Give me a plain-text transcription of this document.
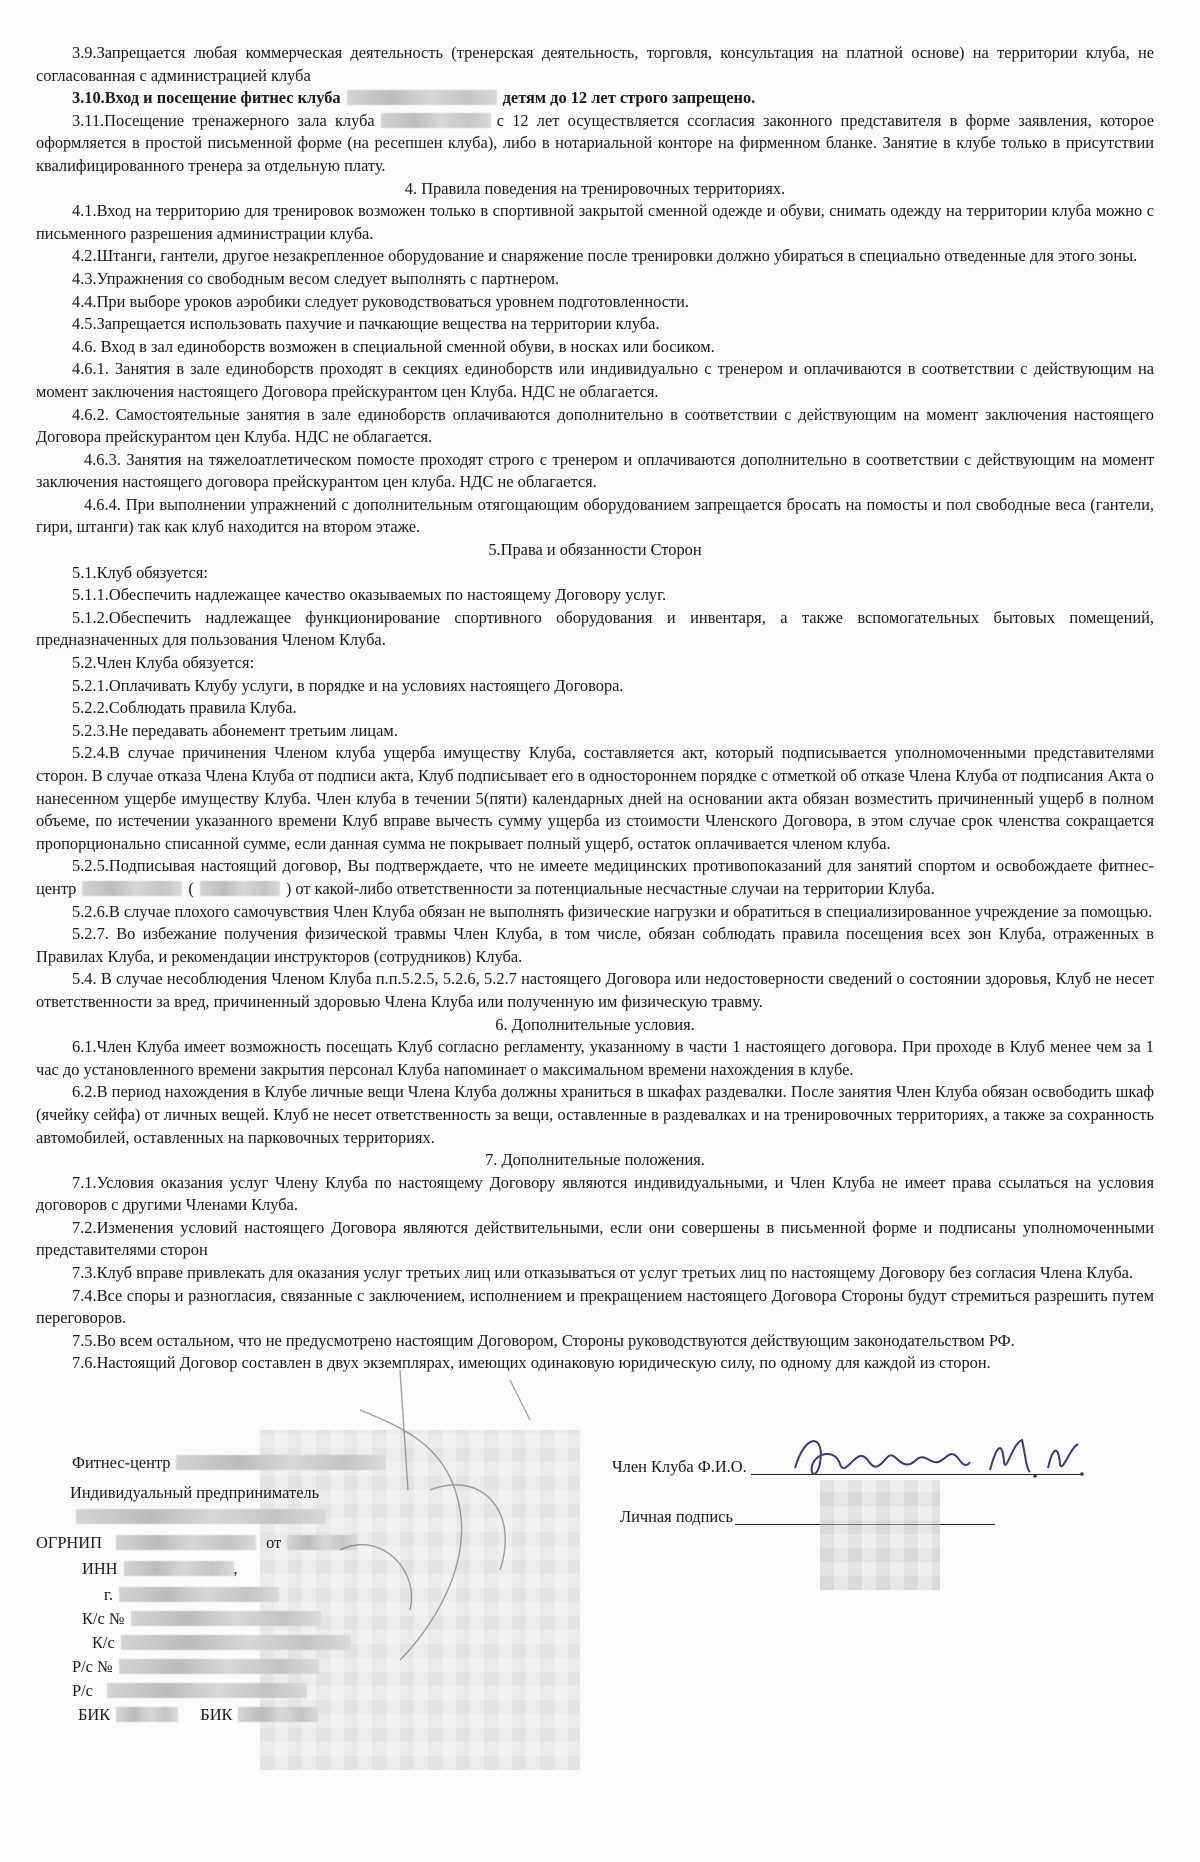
3.9.Запрещается любая коммерческая деятельность (тренерская деятельность, торговля, консультация на платной основе) на территории клуба, не согласованная с администрацией клуба

3.10.Вход и посещение фитнес клуба	детям до 12 лет строго запрещено.

3.11.Посещение тренажерного зала клуба	с 12 лет осуществляется ссогласия законного представителя в форме заявления, которое оформляется в простой письменной форме (на ресепшен клуба), либо в нотариальной конторе на фирменном бланке. Занятие в клубе только в присутствии квалифицированного тренера за отдельную плату.

4. Правила поведения на тренировочных территориях.

4.1.Вход на территорию для тренировок возможен только в спортивной закрытой сменной одежде и обуви, снимать одежду на территории клуба можно с письменного разрешения администрации клуба.

4.2.Штанги, гантели, другое незакрепленное оборудование и снаряжение после тренировки должно убираться в специально отведенные для этого зоны.

4.3.Упражнения со свободным весом следует выполнять с партнером.

4.4.При выборе уроков аэробики следует руководствоваться уровнем подготовленности.

4.5.Запрещается использовать пахучие и пачкающие вещества на территории клуба.

4.6. Вход в зал единоборств возможен в специальной сменной обуви, в носках или босиком.

4.6.1. Занятия в зале единоборств проходят в секциях единоборств или индивидуально с тренером и оплачиваются в соответствии с действующим на момент заключения настоящего Договора прейскурантом цен Клуба. НДС не облагается.

4.6.2. Самостоятельные занятия в зале единоборств оплачиваются дополнительно в соответствии с действующим на момент заключения настоящего Договора прейскурантом цен Клуба. НДС не облагается.

4.6.3. Занятия на тяжелоатлетическом помосте проходят строго с тренером и оплачиваются дополнительно в соответствии с действующим на момент заключения настоящего договора прейскурантом цен клуба. НДС не облагается.

4.6.4. При выполнении упражнений с дополнительным отягощающим оборудованием запрещается бросать на помосты и пол свободные веса (гантели, гири, штанги) так как клуб находится на втором этаже.

5.Права и обязанности Сторон

5.1.Клуб обязуется:

5.1.1.Обеспечить надлежащее качество оказываемых по настоящему Договору услуг.

5.1.2.Обеспечить надлежащее функционирование спортивного оборудования и инвентаря, а также вспомогательных бытовых помещений, предназначенных для пользования Членом Клуба.

5.2.Член Клуба обязуется:

5.2.1.Оплачивать Клубу услуги, в порядке и на условиях настоящего Договора.

5.2.2.Соблюдать правила Клуба.

5.2.3.Не передавать абонемент третьим лицам.

5.2.4.В случае причинения Членом клуба ущерба имуществу Клуба, составляется акт, который подписывается уполномоченными представителями сторон. В случае отказа Члена Клуба от подписи акта, Клуб подписывает его в одностороннем порядке с отметкой об отказе Члена Клуба от подписания Акта о нанесенном ущербе имуществу Клуба. Член клуба в течении 5(пяти) календарных дней на основании акта обязан возместить причиненный ущерб в полном объеме, по истечении указанного времени Клуб вправе вычесть сумму ущерба из стоимости Членского Договора, в этом случае срок членства сокращается пропорционально списанной сумме, если данная сумма не покрывает полный ущерб, остаток оплачивается членом клуба.

5.2.5.Подписывая настоящий договор, Вы подтверждаете, что не имеете медицинских противопоказаний для занятий спортом и освобождаете фитнес-центр	(	) от какой-либо ответственности за потенциальные несчастные случаи на территории Клуба.

5.2.6.В случае плохого самочувствия Член Клуба обязан не выполнять физические нагрузки и обратиться в специализированное учреждение за помощью.

5.2.7. Во избежание получения физической травмы Член Клуба, в том числе, обязан соблюдать правила посещения всех зон Клуба, отраженных в Правилах Клуба, и рекомендации инструкторов (сотрудников) Клуба.

5.4. В случае несоблюдения Членом Клуба п.п.5.2.5, 5.2.6, 5.2.7 настоящего Договора или недостоверности сведений о состоянии здоровья, Клуб не несет ответственности за вред, причиненный здоровью Члена Клуба или полученную им физическую травму.

6. Дополнительные условия.

6.1.Член Клуба имеет возможность посещать Клуб согласно регламенту, указанному в части 1 настоящего договора. При проходе в Клуб менее чем за 1 час до установленного времени закрытия персонал Клуба напоминает о максимальном времени нахождения в клубе.

6.2.В период нахождения в Клубе личные вещи Члена Клуба должны храниться в шкафах раздевалки. После занятия Член Клуба обязан освободить шкаф (ячейку сейфа) от личных вещей. Клуб не несет ответственность за вещи, оставленные в раздевалках и на тренировочных территориях, а также за сохранность автомобилей, оставленных на парковочных территориях.

7. Дополнительные положения.

7.1.Условия оказания услуг Члену Клуба по настоящему Договору являются индивидуальными, и Член Клуба не имеет права ссылаться на условия договоров с другими Членами Клуба.

7.2.Изменения условий настоящего Договора являются действительными, если они совершены в письменной форме и подписаны уполномоченными представителями сторон

7.3.Клуб вправе привлекать для оказания услуг третьих лиц или отказываться от услуг третьих лиц по настоящему Договору без согласия Члена Клуба.

7.4.Все споры и разногласия, связанные с заключением, исполнением и прекращением настоящего Договора Стороны будут стремиться разрешить путем переговоров.

7.5.Во всем остальном, что не предусмотрено настоящим Договором, Стороны руководствуются действующим законодательством РФ.

7.6.Настоящий Договор составлен в двух экземплярах, имеющих одинаковую юридическую силу, по одному для каждой из сторон.

Фитнес-центр
Индивидуальный предприниматель
ОГРНИП	от
ИНН	,
г.
К/с №
К/с
Р/с №
Р/с
БИК	БИК
Член Клуба Ф.И.О.
Личная подпись
Яковлева И. И.
